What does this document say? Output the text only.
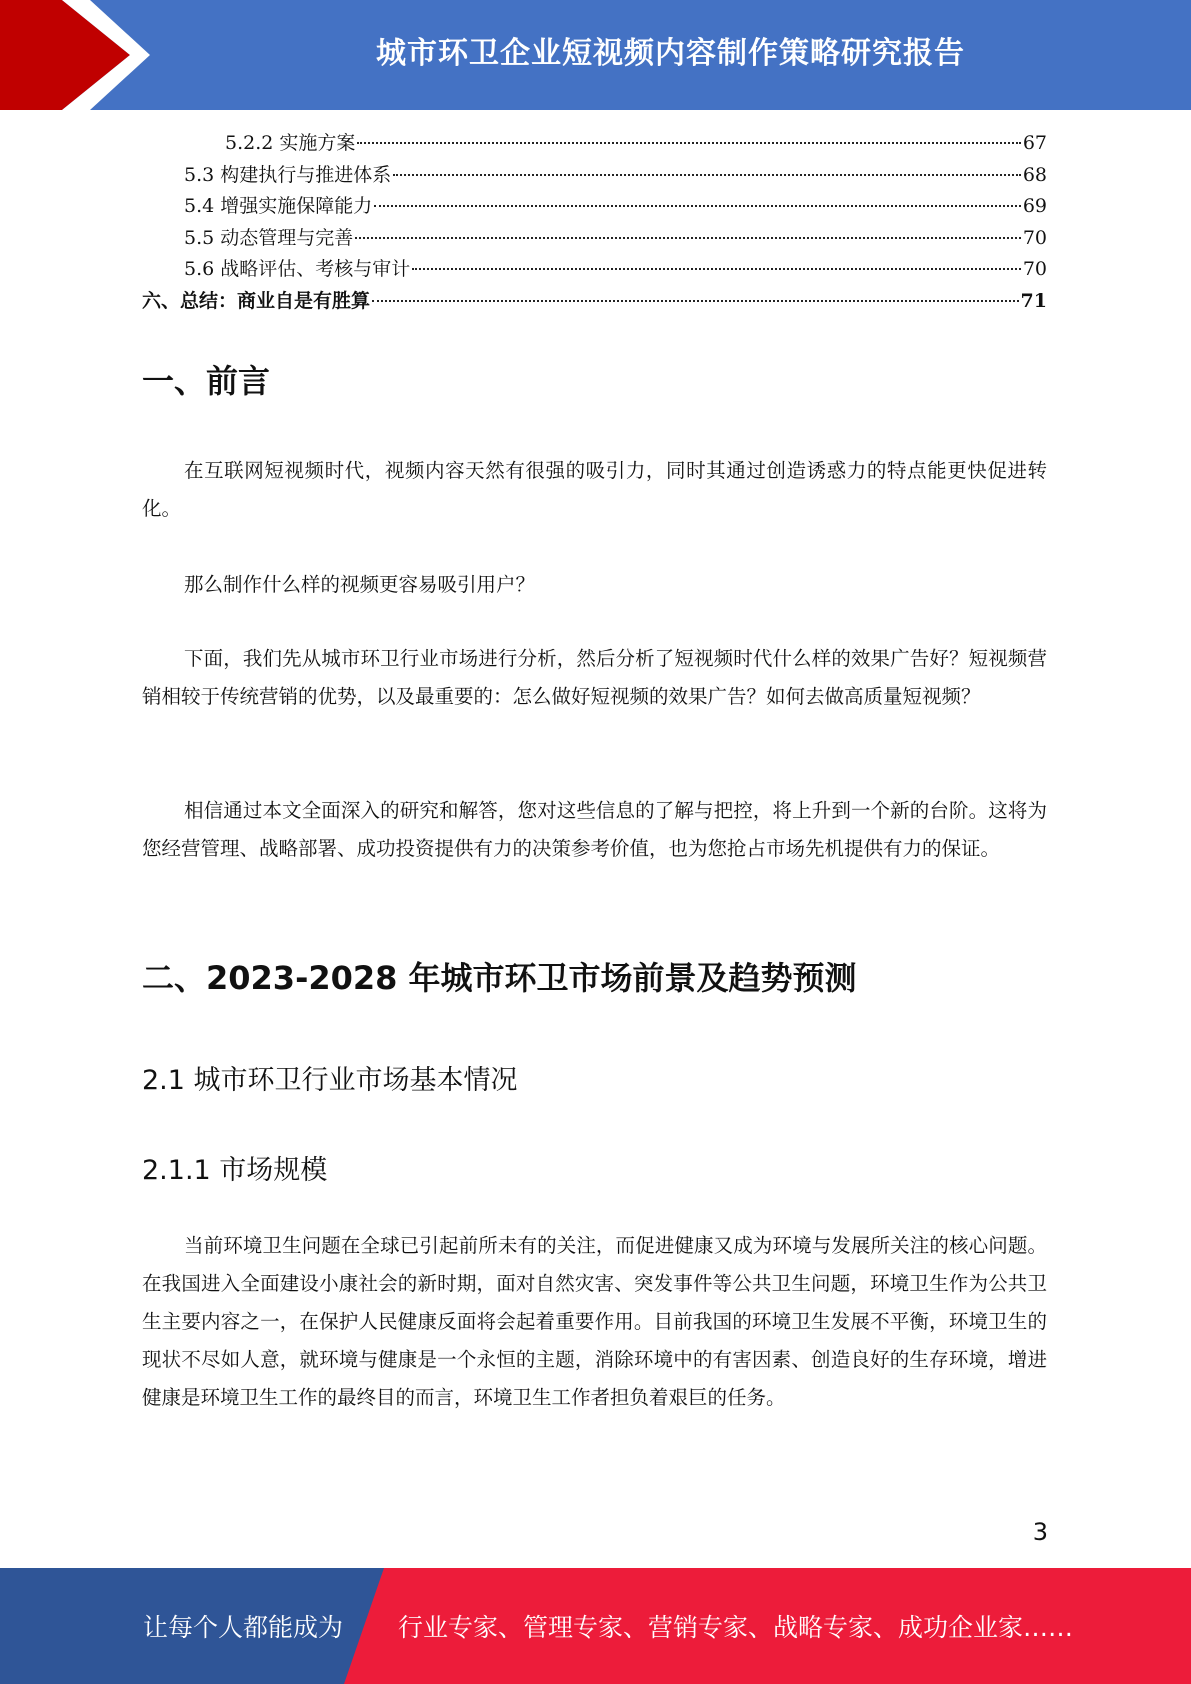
城市环卫企业短视频内容制作策略研究报告
5.2.2 实施方案	67
5.3 构建执行与推进体系	68
5.4 增强实施保障能力	69
5.5 动态管理与完善	70
5.6 战略评估、考核与审计	70
六、总结：商业自是有胜算	71
一、前言

在互联网短视频时代，视频内容天然有很强的吸引力，同时其通过创造诱惑力的特点能更快促进转化。

那么制作什么样的视频更容易吸引用户？

下面，我们先从城市环卫行业市场进行分析，然后分析了短视频时代什么样的效果广告好？短视频营销相较于传统营销的优势，以及最重要的：怎么做好短视频的效果广告？如何去做高质量短视频？

相信通过本文全面深入的研究和解答，您对这些信息的了解与把控，将上升到一个新的台阶。这将为您经营管理、战略部署、成功投资提供有力的决策参考价值，也为您抢占市场先机提供有力的保证。

二、2023-2028 年城市环卫市场前景及趋势预测
2.1 城市环卫行业市场基本情况
2.1.1 市场规模

当前环境卫生问题在全球已引起前所未有的关注，而促进健康又成为环境与发展所关注的核心问题。在我国进入全面建设小康社会的新时期，面对自然灾害、突发事件等公共卫生问题，环境卫生作为公共卫生主要内容之一，在保护人民健康反面将会起着重要作用。目前我国的环境卫生发展不平衡，环境卫生的现状不尽如人意，就环境与健康是一个永恒的主题，消除环境中的有害因素、创造良好的生存环境，增进健康是环境卫生工作的最终目的而言，环境卫生工作者担负着艰巨的任务。

3
让每个人都能成为 行业专家、管理专家、营销专家、战略专家、成功企业家……
